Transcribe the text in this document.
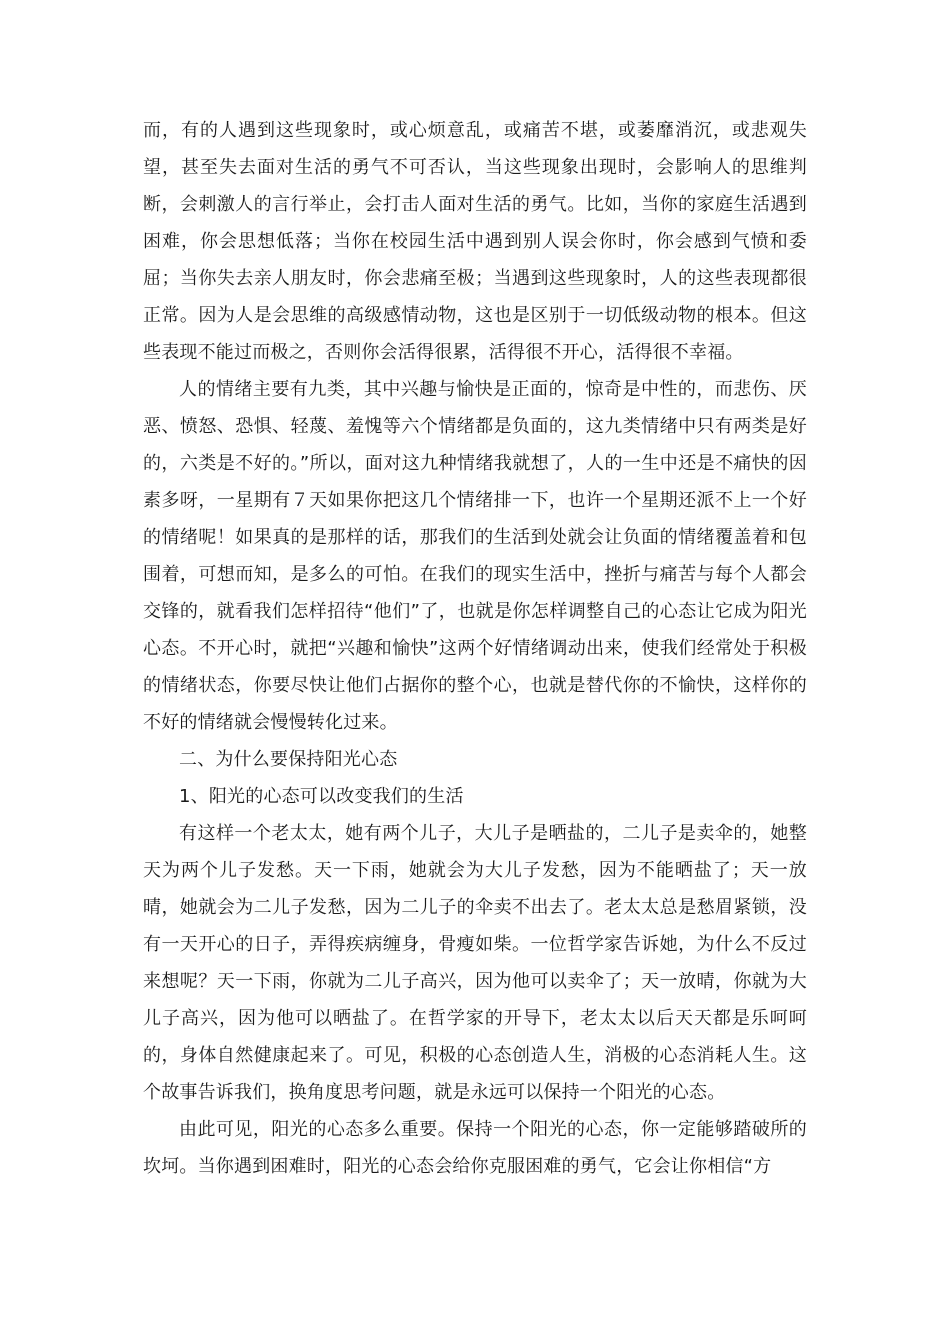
而，有的人遇到这些现象时，或心烦意乱，或痛苦不堪，或萎靡消沉，或悲观失望，甚至失去面对生活的勇气不可否认，当这些现象出现时，会影响人的思维判断，会刺激人的言行举止，会打击人面对生活的勇气。比如，当你的家庭生活遇到困难，你会思想低落；当你在校园生活中遇到别人误会你时，你会感到气愤和委屈；当你失去亲人朋友时，你会悲痛至极；当遇到这些现象时，人的这些表现都很正常。因为人是会思维的高级感情动物，这也是区别于一切低级动物的根本。但这些表现不能过而极之，否则你会活得很累，活得很不开心，活得很不幸福。

人的情绪主要有九类，其中兴趣与愉快是正面的，惊奇是中性的，而悲伤、厌恶、愤怒、恐惧、轻蔑、羞愧等六个情绪都是负面的，这九类情绪中只有两类是好的，六类是不好的。”所以，面对这九种情绪我就想了，人的一生中还是不痛快的因素多呀，一星期有７天如果你把这几个情绪排一下，也许一个星期还派不上一个好的情绪呢！如果真的是那样的话，那我们的生活到处就会让负面的情绪覆盖着和包围着，可想而知，是多么的可怕。在我们的现实生活中，挫折与痛苦与每个人都会交锋的，就看我们怎样招待“他们”了，也就是你怎样调整自己的心态让它成为阳光心态。不开心时，就把“兴趣和愉快”这两个好情绪调动出来，使我们经常处于积极的情绪状态，你要尽快让他们占据你的整个心，也就是替代你的不愉快，这样你的不好的情绪就会慢慢转化过来。

二、为什么要保持阳光心态

1、阳光的心态可以改变我们的生活

有这样一个老太太，她有两个儿子，大儿子是晒盐的，二儿子是卖伞的，她整天为两个儿子发愁。天一下雨，她就会为大儿子发愁，因为不能晒盐了；天一放晴，她就会为二儿子发愁，因为二儿子的伞卖不出去了。老太太总是愁眉紧锁，没有一天开心的日子，弄得疾病缠身，骨瘦如柴。一位哲学家告诉她，为什么不反过来想呢？天一下雨，你就为二儿子高兴，因为他可以卖伞了；天一放晴，你就为大儿子高兴，因为他可以晒盐了。在哲学家的开导下，老太太以后天天都是乐呵呵的，身体自然健康起来了。可见，积极的心态创造人生，消极的心态消耗人生。这个故事告诉我们，换角度思考问题，就是永远可以保持一个阳光的心态。

由此可见，阳光的心态多么重要。保持一个阳光的心态，你一定能够踏破所的坎坷。当你遇到困难时，阳光的心态会给你克服困难的勇气，它会让你相信“方
